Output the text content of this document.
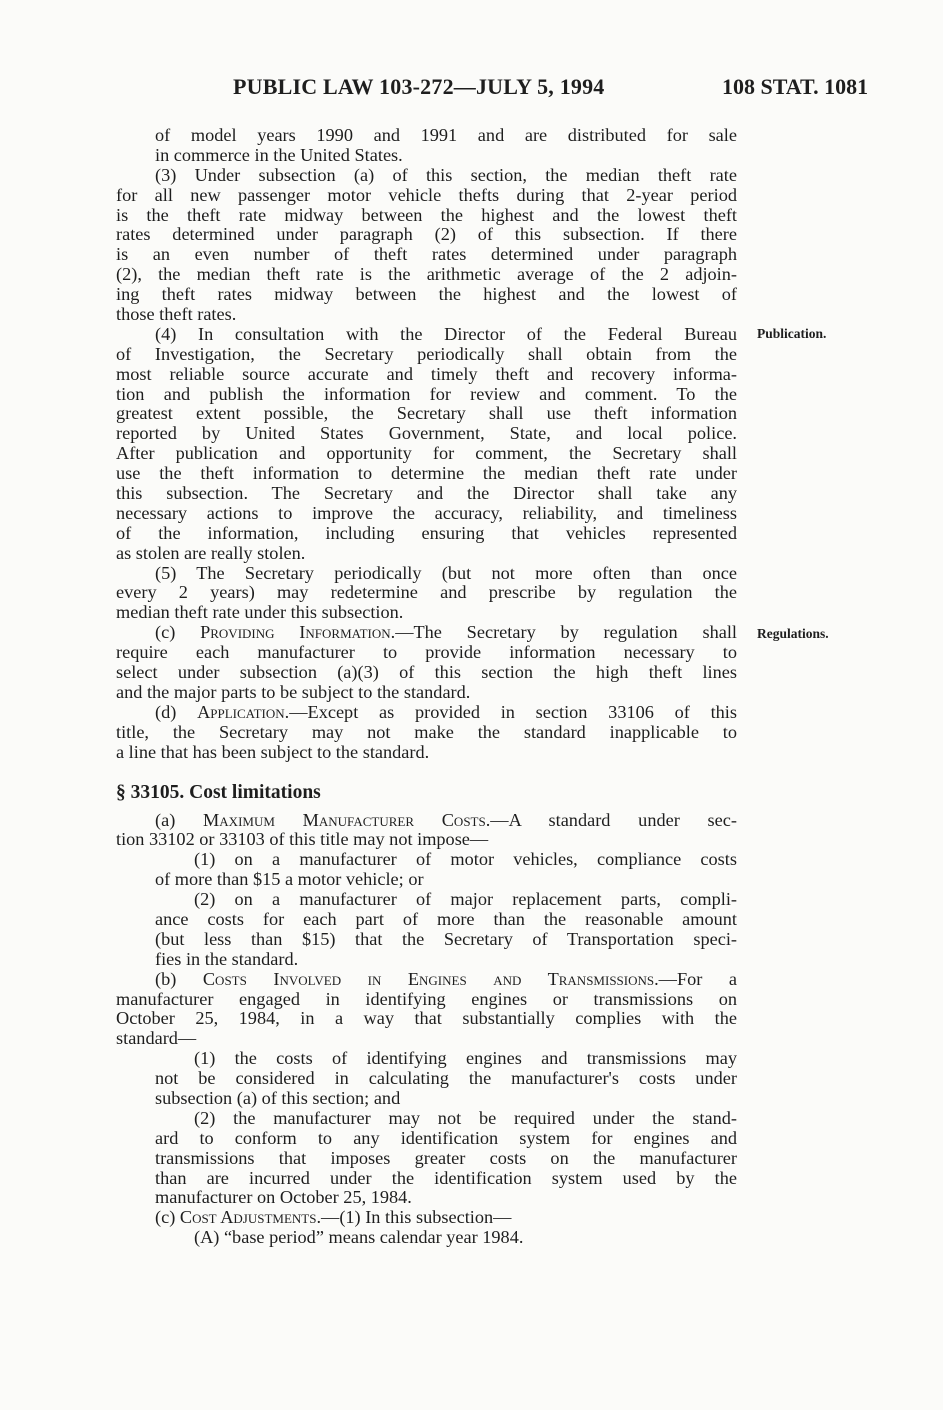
PUBLIC LAW 103-272—JULY 5, 1994	108 STAT. 1081
Publication.
Regulations.
of model years 1990 and 1991 and are distributed for sale
in commerce in the United States.
(3) Under subsection (a) of this section, the median theft rate
for all new passenger motor vehicle thefts during that 2-year period
is the theft rate midway between the highest and the lowest theft
rates determined under paragraph (2) of this subsection. If there
is an even number of theft rates determined under paragraph
(2), the median theft rate is the arithmetic average of the 2 adjoin-
ing theft rates midway between the highest and the lowest of
those theft rates.
(4) In consultation with the Director of the Federal Bureau
of Investigation, the Secretary periodically shall obtain from the
most reliable source accurate and timely theft and recovery informa-
tion and publish the information for review and comment. To the
greatest extent possible, the Secretary shall use theft information
reported by United States Government, State, and local police.
After publication and opportunity for comment, the Secretary shall
use the theft information to determine the median theft rate under
this subsection. The Secretary and the Director shall take any
necessary actions to improve the accuracy, reliability, and timeliness
of the information, including ensuring that vehicles represented
as stolen are really stolen.
(5) The Secretary periodically (but not more often than once
every 2 years) may redetermine and prescribe by regulation the
median theft rate under this subsection.
(c) Providing Information.—The Secretary by regulation shall
require each manufacturer to provide information necessary to
select under subsection (a)(3) of this section the high theft lines
and the major parts to be subject to the standard.
(d) Application.—Except as provided in section 33106 of this
title, the Secretary may not make the standard inapplicable to
a line that has been subject to the standard.
§ 33105. Cost limitations
(a) Maximum Manufacturer Costs.—A standard under sec-
tion 33102 or 33103 of this title may not impose—
(1) on a manufacturer of motor vehicles, compliance costs
of more than $15 a motor vehicle; or
(2) on a manufacturer of major replacement parts, compli-
ance costs for each part of more than the reasonable amount
(but less than $15) that the Secretary of Transportation speci-
fies in the standard.
(b) Costs Involved in Engines and Transmissions.—For a
manufacturer engaged in identifying engines or transmissions on
October 25, 1984, in a way that substantially complies with the
standard—
(1) the costs of identifying engines and transmissions may
not be considered in calculating the manufacturer's costs under
subsection (a) of this section; and
(2) the manufacturer may not be required under the stand-
ard to conform to any identification system for engines and
transmissions that imposes greater costs on the manufacturer
than are incurred under the identification system used by the
manufacturer on October 25, 1984.
(c) Cost Adjustments.—(1) In this subsection—
(A) “base period” means calendar year 1984.
